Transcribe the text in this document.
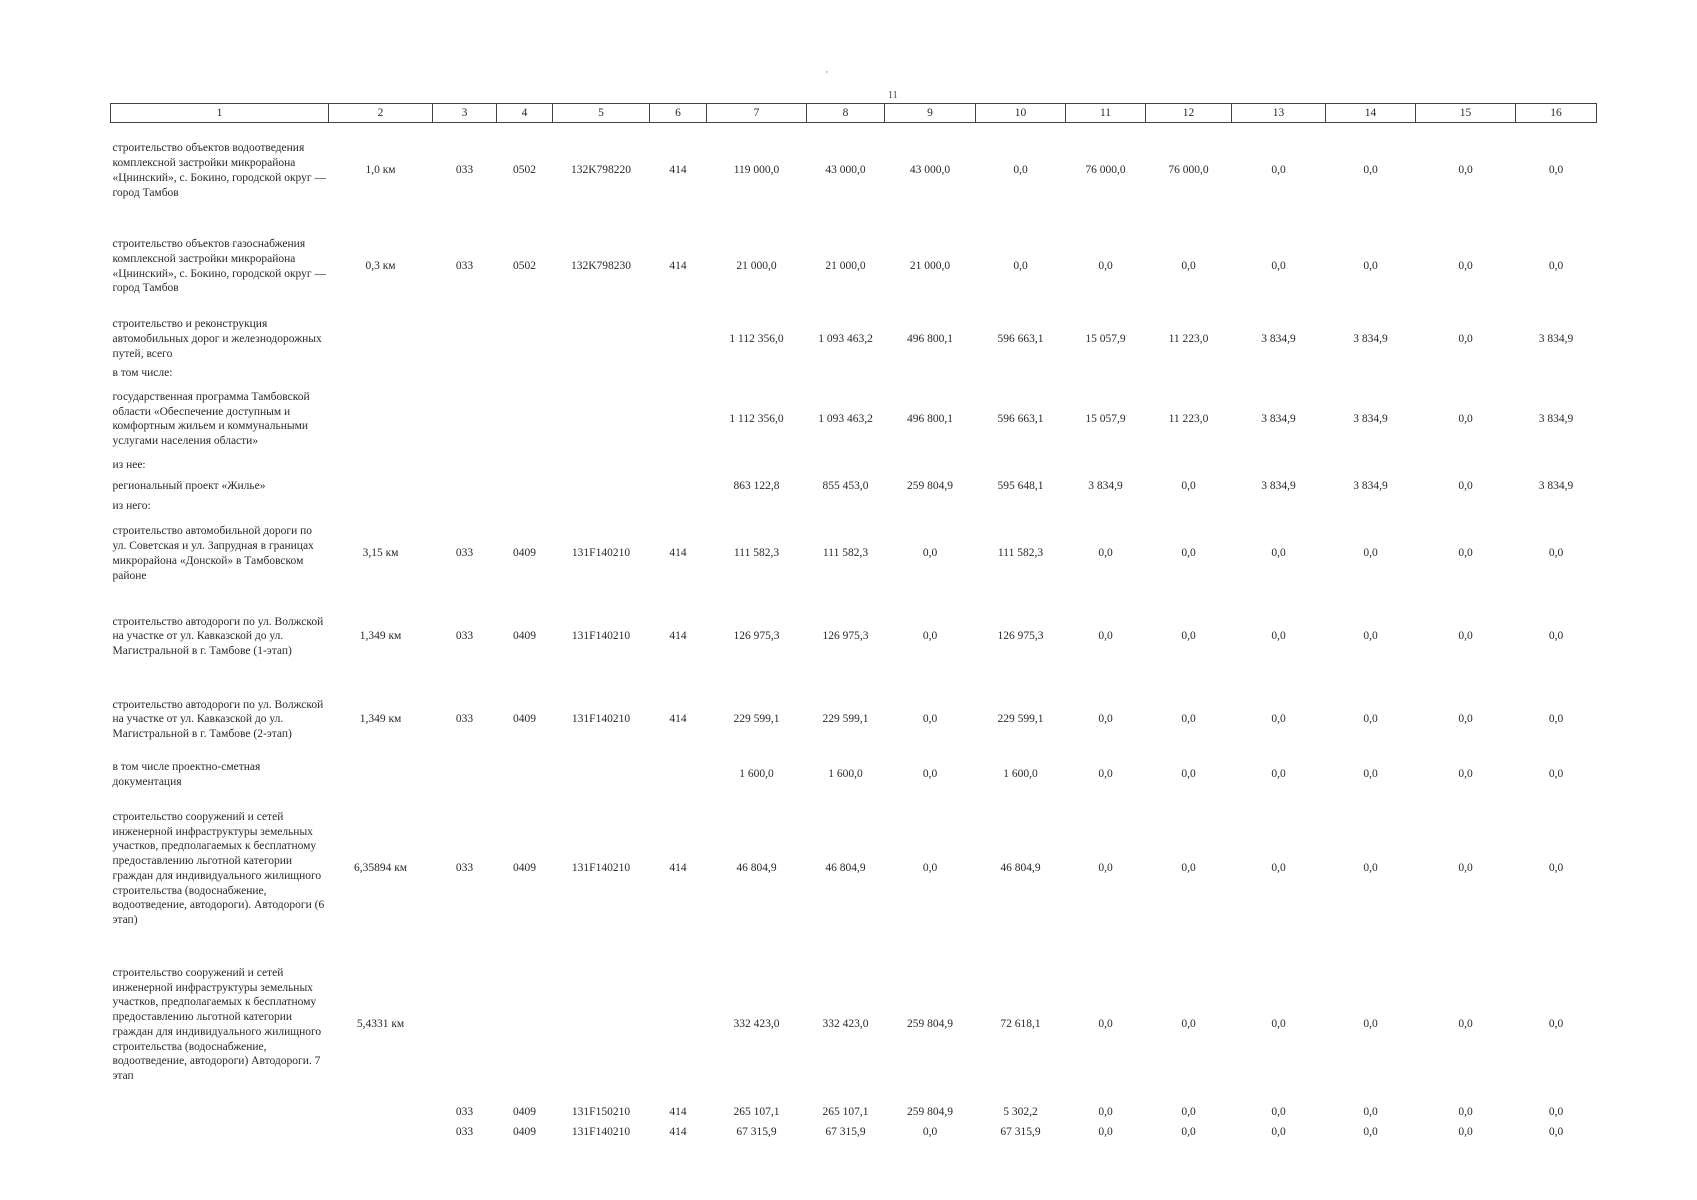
'
11
1	2	3	4	5	6	7	8	9	10	11	12	13	14	15	16
строительство объектов водоотведения комплексной застройки микрорайона «Цнинский», с. Бокино, городской округ — город Тамбов	1,0 км	033	0502	132K798220	414	119 000,0	43 000,0	43 000,0	0,0	76 000,0	76 000,0	0,0	0,0	0,0	0,0
строительство объектов газоснабжения комплексной застройки микрорайона «Цнинский», с. Бокино, городской округ — город Тамбов	0,3 км	033	0502	132K798230	414	21 000,0	21 000,0	21 000,0	0,0	0,0	0,0	0,0	0,0	0,0	0,0
строительство и реконструкция автомобильных дорог и железнодорожных путей, всего						1 112 356,0	1 093 463,2	496 800,1	596 663,1	15 057,9	11 223,0	3 834,9	3 834,9	0,0	3 834,9
в том числе:															
государственная программа Тамбовской области «Обеспечение доступным и комфортным жильем и коммунальными услугами населения области»						1 112 356,0	1 093 463,2	496 800,1	596 663,1	15 057,9	11 223,0	3 834,9	3 834,9	0,0	3 834,9
из нее:															
региональный проект «Жилье»						863 122,8	855 453,0	259 804,9	595 648,1	3 834,9	0,0	3 834,9	3 834,9	0,0	3 834,9
из него:															
строительство автомобильной дороги по ул. Советская и ул. Запрудная в границах микрорайона «Донской» в Тамбовском районе	3,15 км	033	0409	131F140210	414	111 582,3	111 582,3	0,0	111 582,3	0,0	0,0	0,0	0,0	0,0	0,0
строительство автодороги по ул. Волжской на участке от ул. Кавказской до ул. Магистральной в г. Тамбове (1-этап)	1,349 км	033	0409	131F140210	414	126 975,3	126 975,3	0,0	126 975,3	0,0	0,0	0,0	0,0	0,0	0,0
строительство автодороги по ул. Волжской на участке от ул. Кавказской до ул. Магистральной в г. Тамбове (2-этап)	1,349 км	033	0409	131F140210	414	229 599,1	229 599,1	0,0	229 599,1	0,0	0,0	0,0	0,0	0,0	0,0
в том числе проектно-сметная документация						1 600,0	1 600,0	0,0	1 600,0	0,0	0,0	0,0	0,0	0,0	0,0
строительство сооружений и сетей инженерной инфраструктуры земельных участков, предполагаемых к бесплатному предоставлению льготной категории граждан для индивидуального жилищного строительства (водоснабжение, водоотведение, автодороги). Автодороги (6 этап)	6,35894 км	033	0409	131F140210	414	46 804,9	46 804,9	0,0	46 804,9	0,0	0,0	0,0	0,0	0,0	0,0
строительство сооружений и сетей инженерной инфраструктуры земельных участков, предполагаемых к бесплатному предоставлению льготной категории граждан для индивидуального жилищного строительства (водоснабжение, водоотведение, автодороги) Автодороги. 7 этап	5,4331 км					332 423,0	332 423,0	259 804,9	72 618,1	0,0	0,0	0,0	0,0	0,0	0,0
		033	0409	131F150210	414	265 107,1	265 107,1	259 804,9	5 302,2	0,0	0,0	0,0	0,0	0,0	0,0
		033	0409	131F140210	414	67 315,9	67 315,9	0,0	67 315,9	0,0	0,0	0,0	0,0	0,0	0,0
